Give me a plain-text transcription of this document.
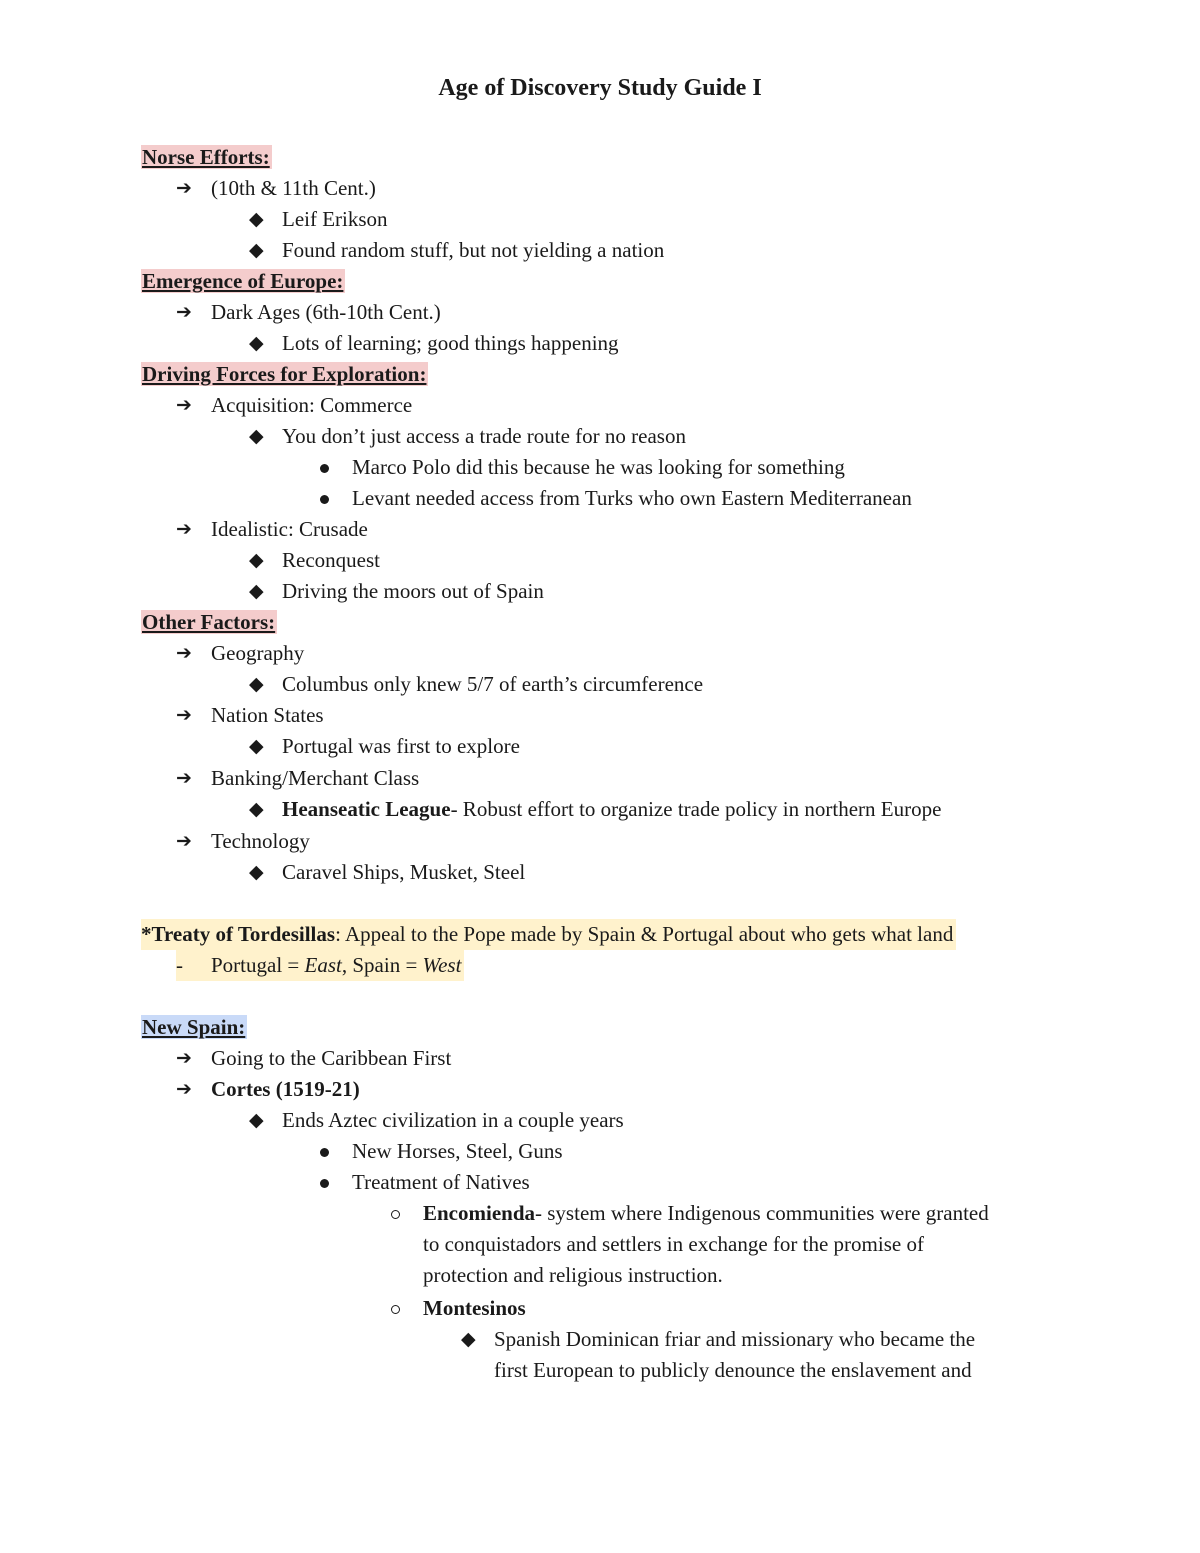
Age of Discovery Study Guide I
Norse Efforts:
➔ (10th & 11th Cent.)
◆ Leif Erikson
◆ Found random stuff, but not yielding a nation
Emergence of Europe:
➔ Dark Ages (6th-10th Cent.)
◆ Lots of learning; good things happening
Driving Forces for Exploration:
➔ Acquisition: Commerce
◆ You don’t just access a trade route for no reason
Marco Polo did this because he was looking for something
Levant needed access from Turks who own Eastern Mediterranean
➔ Idealistic: Crusade
◆ Reconquest
◆ Driving the moors out of Spain
Other Factors:
➔ Geography
◆ Columbus only knew 5/7 of earth’s circumference
➔ Nation States
◆ Portugal was first to explore
➔ Banking/Merchant Class
◆ Heanseatic League- Robust effort to organize trade policy in northern Europe
➔ Technology
◆ Caravel Ships, Musket, Steel
*Treaty of Tordesillas: Appeal to the Pope made by Spain & Portugal about who gets what land
- Portugal = East, Spain = West
New Spain:
➔ Going to the Caribbean First
➔ Cortes (1519-21)
◆ Ends Aztec civilization in a couple years
New Horses, Steel, Guns
Treatment of Natives
Encomienda- system where Indigenous communities were granted
to conquistadors and settlers in exchange for the promise of
protection and religious instruction.
Montesinos
◆ Spanish Dominican friar and missionary who became the
first European to publicly denounce the enslavement and
